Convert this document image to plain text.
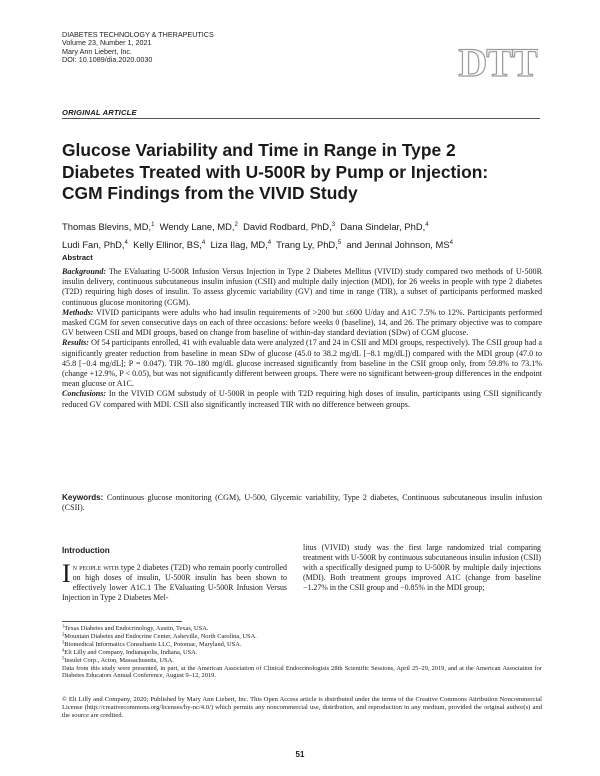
DIABETES TECHNOLOGY & THERAPEUTICS
Volume 23, Number 1, 2021
Mary Ann Liebert, Inc.
DOI: 10.1089/dia.2020.0030	DTT
ORIGINAL ARTICLE
Glucose Variability and Time in Range in Type 2 Diabetes Treated with U-500R by Pump or Injection: CGM Findings from the VIVID Study
Thomas Blevins, MD,$^1$ Wendy Lane, MD,$^2$ David Rodbard, PhD,$^3$ Dana Sindelar, PhD,$^4$
Ludi Fan, PhD,$^4$ Kelly Ellinor, BS,$^4$ Liza Ilag, MD,$^4$ Trang Ly, PhD,$^5$ and Jennal Johnson, $MS^4$
Abstract

Background: The EValuating U-500R Infusion Versus Injection in Type 2 Diabetes Mellitus (VIVID) study compared two methods of U-500R insulin delivery, continuous subcutaneous insulin infusion (CSII) and multiple daily injection (MDI), for 26 weeks in people with type 2 diabetes (T2D) requiring high doses of insulin. To assess glycemic variability (GV) and time in range (TIR), a subset of participants performed masked continuous glucose monitoring (CGM).

Methods: VIVID participants were adults who had insulin requirements of >200 but ≤600 U/day and A1C 7.5% to 12%. Participants performed masked CGM for seven consecutive days on each of three occasions: before weeks 0 (baseline), 14, and 26. The primary objective was to compare GV between CSII and MDI groups, based on change from baseline of within-day standard deviation (SDw) of CGM glucose.

Results: Of 54 participants enrolled, 41 with evaluable data were analyzed (17 and 24 in CSII and MDI groups, respectively). The CSII group had a significantly greater reduction from baseline in mean SDw of glucose (45.0 to 38.2 mg/dL [−8.1 mg/dL]) compared with the MDI group (47.0 to 45.8 [−0.4 mg/dL]; P = 0.047). TIR 70–180 mg/dL glucose increased significantly from baseline in the CSII group only, from 59.8% to 73.1% (change +12.9%, P < 0.05), but was not significantly different between groups. There were no significant between-group differences in the endpoint mean glucose or A1C.

Conclusions: In the VIVID CGM substudy of U-500R in people with T2D requiring high doses of insulin, participants using CSII significantly reduced GV compared with MDI. CSII also significantly increased TIR with no difference between groups.

Keywords: Continuous glucose monitoring (CGM), U-500, Glycemic variability, Type 2 diabetes, Continuous subcutaneous insulin infusion (CSII).
Introduction
In people with type 2 diabetes (T2D) who remain poorly controlled on high doses of insulin, U-500R insulin has been shown to effectively lower A1C.1 The EValuating U-500R Infusion Versus Injection in Type 2 Diabetes Mel-
litus (VIVID) study was the first large randomized trial comparing treatment with U-500R by continuous subcutaneous insulin infusion (CSII) with a specifically designed pump to U-500R by multiple daily injections (MDI). Both treatment groups improved A1C (change from baseline −1.27% in the CSII group and −0.85% in the MDI group;
$^1$Texas Diabetes and Endocrinology, Austin, Texas, USA.
$^2$Mountain Diabetes and Endocrine Center, Asheville, North Carolina, USA.
$^3$Biomedical Informatics Consultants LLC, Potomac, Maryland, USA.
$^4$Eli Lilly and Company, Indianapolis, Indiana, USA.
$^5$Insulet Corp., Acton, Massachusetts, USA.
Data from this study were presented, in part, at the American Association of Clinical Endocrinologists 28th Scientific Sessions, April 25–29, 2019, and at the American Association for Diabetes Educators Annual Conference, August 9–12, 2019.
© Eli Lilly and Company, 2020; Published by Mary Ann Liebert, Inc. This Open Access article is distributed under the terms of the Creative Commons Attribution Noncommercial License (http://creativecommons.org/licenses/by-nc/4.0/) which permits any noncommercial use, distribution, and reproduction in any medium, provided the original author(s) and the source are credited.
51
